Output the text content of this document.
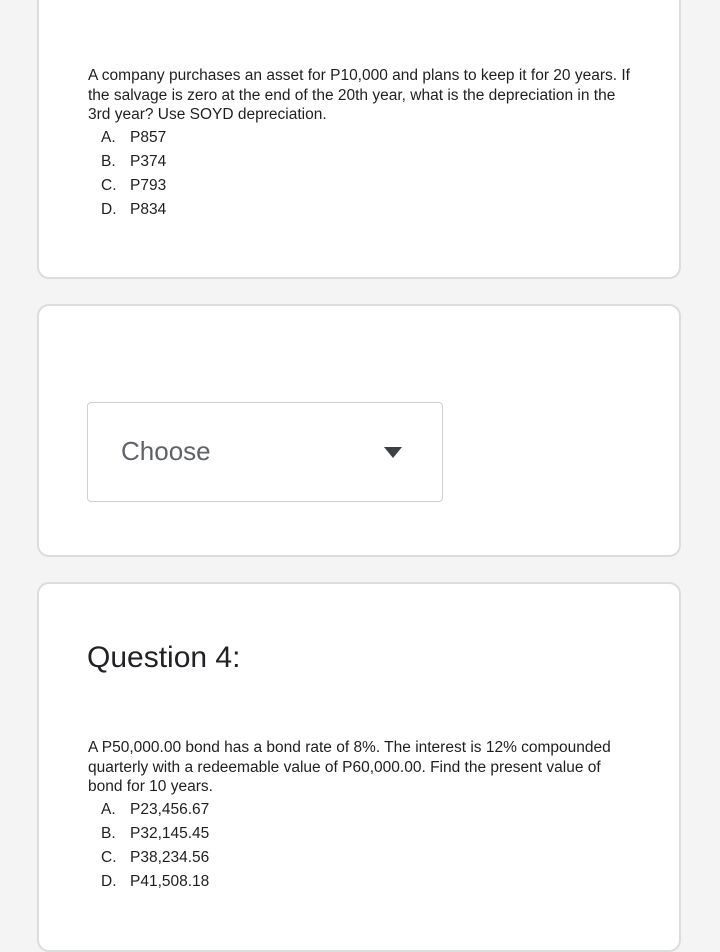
A company purchases an asset for P10,000 and plans to keep it for 20 years. If the salvage is zero at the end of the 20th year, what is the depreciation in the 3rd year? Use SOYD depreciation.
A. P857
B. P374
C. P793
D. P834
Choose
Question 4:
A P50,000.00 bond has a bond rate of 8%. The interest is 12% compounded quarterly with a redeemable value of P60,000.00. Find the present value of bond for 10 years.
A. P23,456.67
B. P32,145.45
C. P38,234.56
D. P41,508.18
